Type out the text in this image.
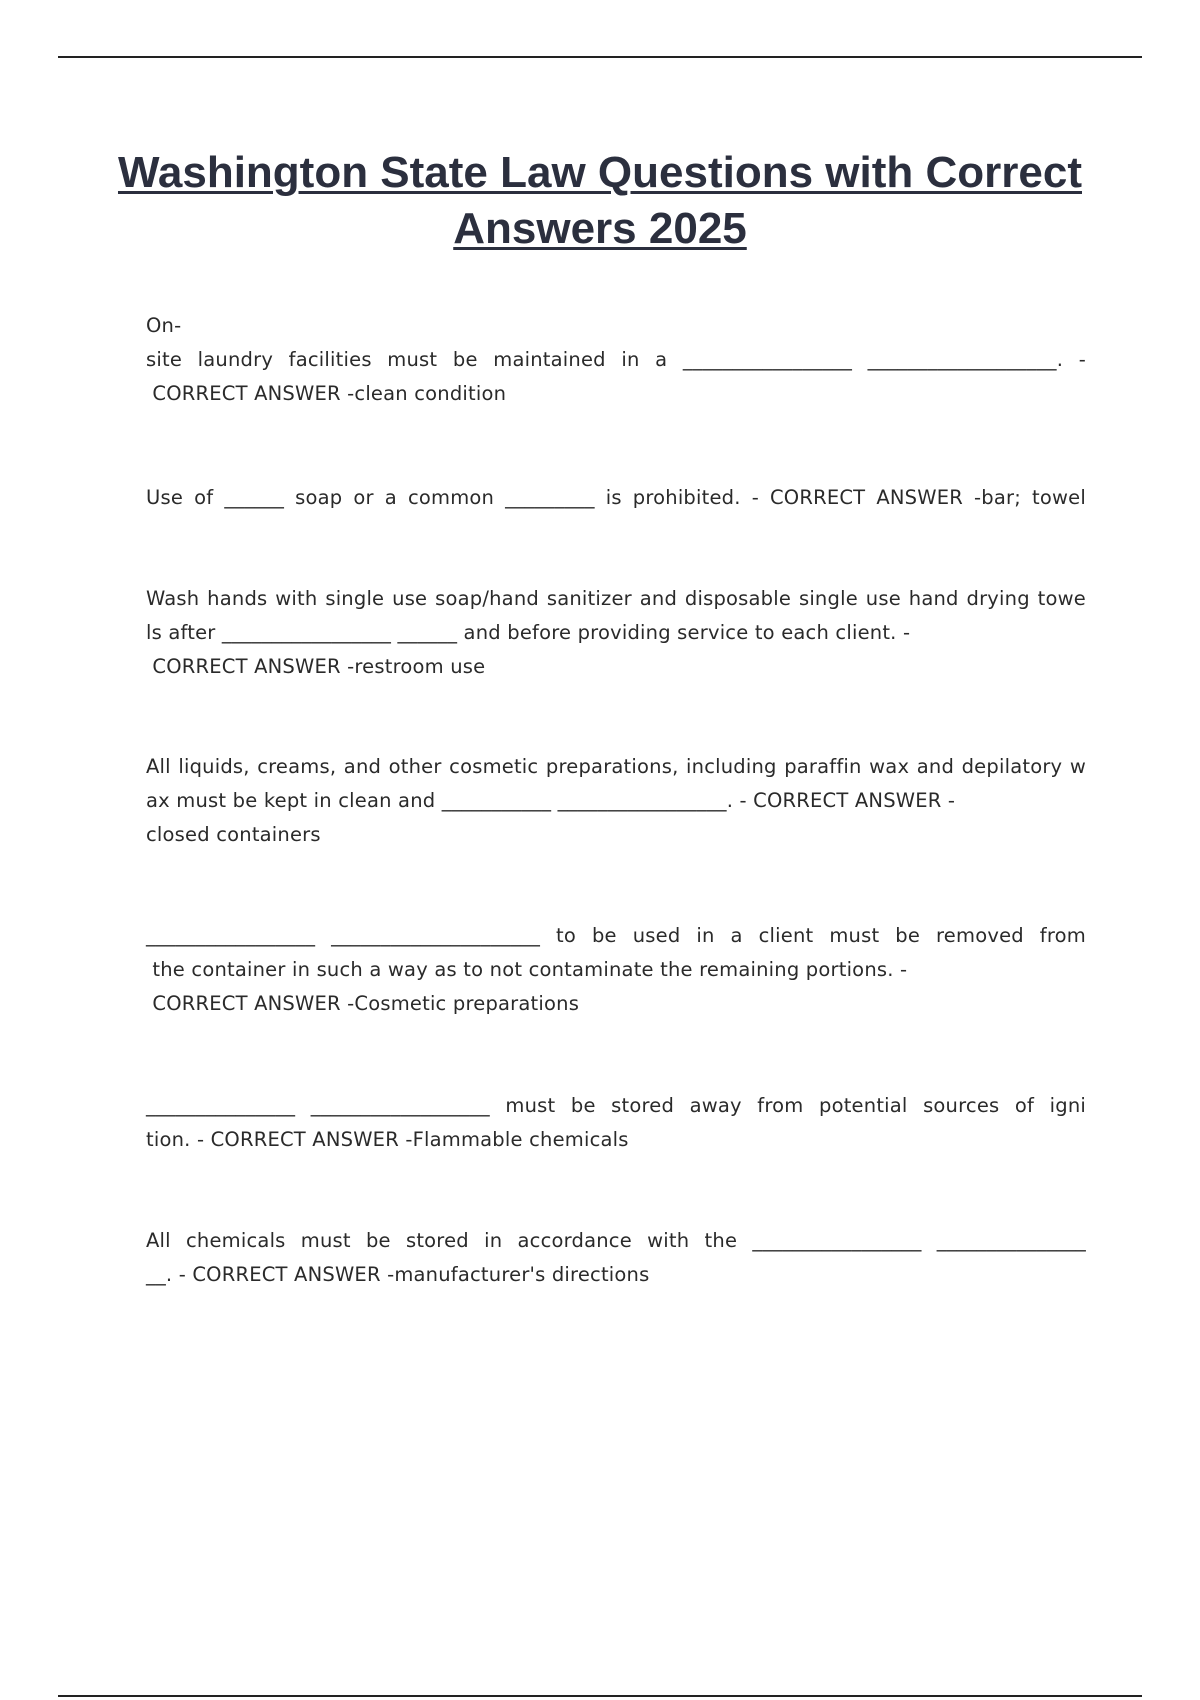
Washington State Law Questions with Correct Answers 2025
On-
site laundry facilities must be maintained in a _________________ ___________________. -
CORRECT ANSWER -clean condition
Use of ______ soap or a common _________ is prohibited. - CORRECT ANSWER -bar; towel
Wash hands with single use soap/hand sanitizer and disposable single use hand drying towe
ls after _________________ ______ and before providing service to each client. -
CORRECT ANSWER -restroom use
All liquids, creams, and other cosmetic preparations, including paraffin wax and depilatory w
ax must be kept in clean and ___________ _________________. - CORRECT ANSWER -
closed containers
_________________ _____________________ to be used in a client must be removed from
the container in such a way as to not contaminate the remaining portions. -
CORRECT ANSWER -Cosmetic preparations
_______________ __________________ must be stored away from potential sources of igni
tion. - CORRECT ANSWER -Flammable chemicals
All chemicals must be stored in accordance with the _________________ _______________
__. - CORRECT ANSWER -manufacturer's directions
